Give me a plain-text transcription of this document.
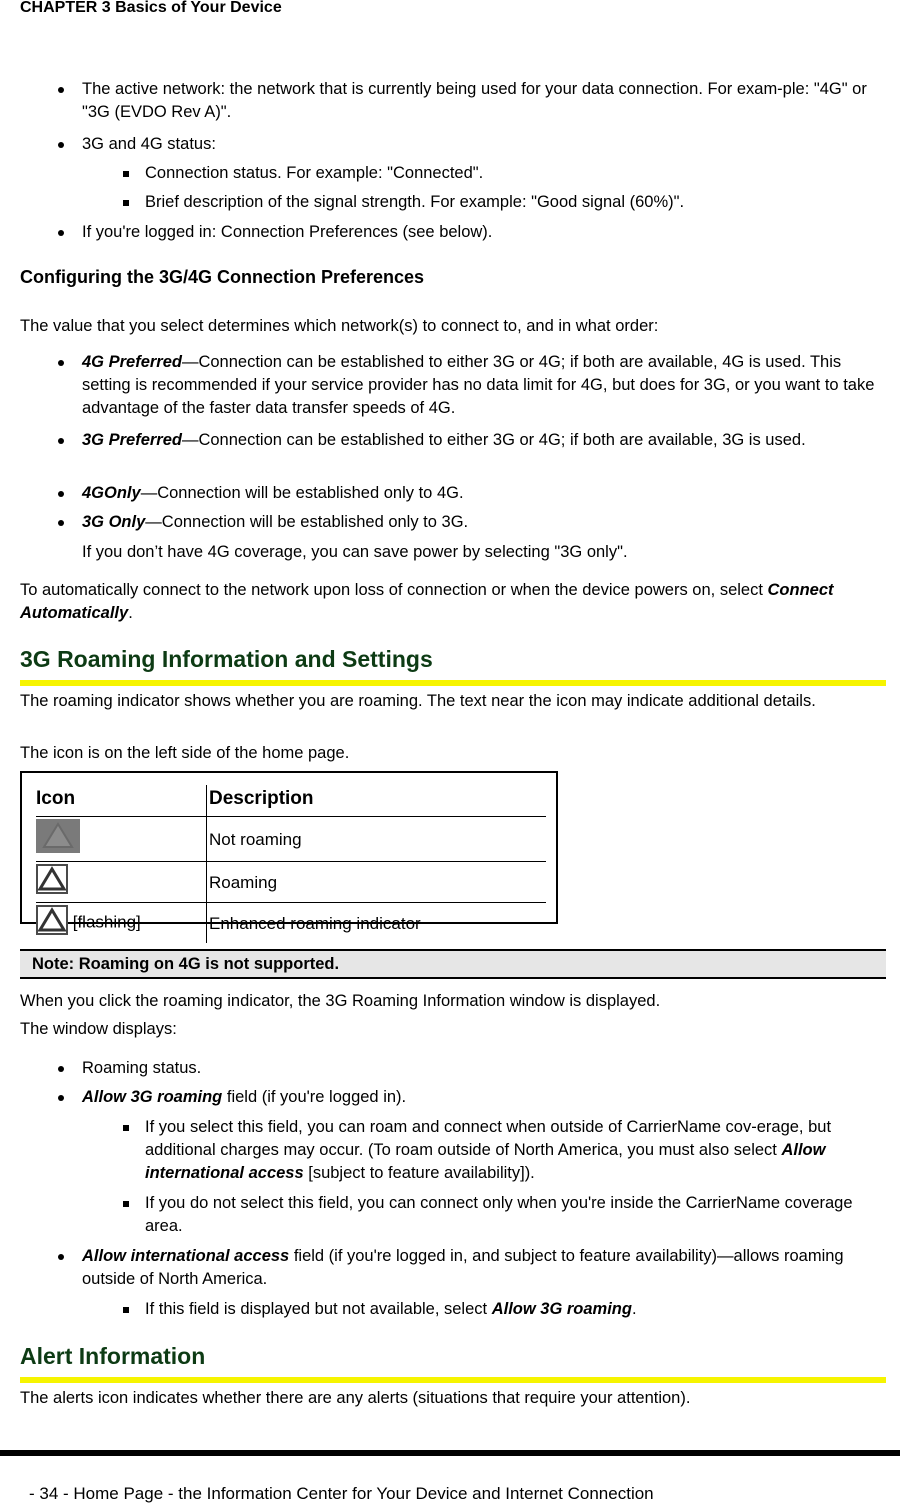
CHAPTER 3 Basics of Your Device
The active network: the network that is currently being used for your data connection. For exam-ple: "4G" or "3G (EVDO Rev A)".
3G and 4G status:
Connection status. For example: "Connected".
Brief description of the signal strength. For example: "Good signal (60%)".
If you're logged in: Connection Preferences (see below).
Configuring the 3G/4G Connection Preferences

The value that you select determines which network(s) to connect to, and in what order:

4G Preferred—Connection can be established to either 3G or 4G; if both are available, 4G is used. This setting is recommended if your service provider has no data limit for 4G, but does for 3G, or you want to take advantage of the faster data transfer speeds of 4G.
3G Preferred—Connection can be established to either 3G or 4G; if both are available, 3G is used.
4GOnly—Connection will be established only to 4G.
3G Only—Connection will be established only to 3G.

If you don’t have 4G coverage, you can save power by selecting "3G only".

To automatically connect to the network upon loss of connection or when the device powers on, select Connect Automatically.

3G Roaming Information and Settings

The roaming indicator shows whether you are roaming. The text near the icon may indicate additional details.

The icon is on the left side of the home page.

Icon	Description
	Not roaming
	Roaming
[flashing]	Enhanced roaming indicator
Note: Roaming on 4G is not supported.

When you click the roaming indicator, the 3G Roaming Information window is displayed.

The window displays:

Roaming status.
Allow 3G roaming field (if you're logged in).
If you select this field, you can roam and connect when outside of CarrierName cov-erage, but additional charges may occur. (To roam outside of North America, you must also select Allow international access [subject to feature availability]).
If you do not select this field, you can connect only when you're inside the CarrierName coverage area.
Allow international access field (if you're logged in, and subject to feature availability)—allows roaming outside of North America.
If this field is displayed but not available, select Allow 3G roaming.
Alert Information

The alerts icon indicates whether there are any alerts (situations that require your attention).

- 34 - Home Page - the Information Center for Your Device and Internet Connection
